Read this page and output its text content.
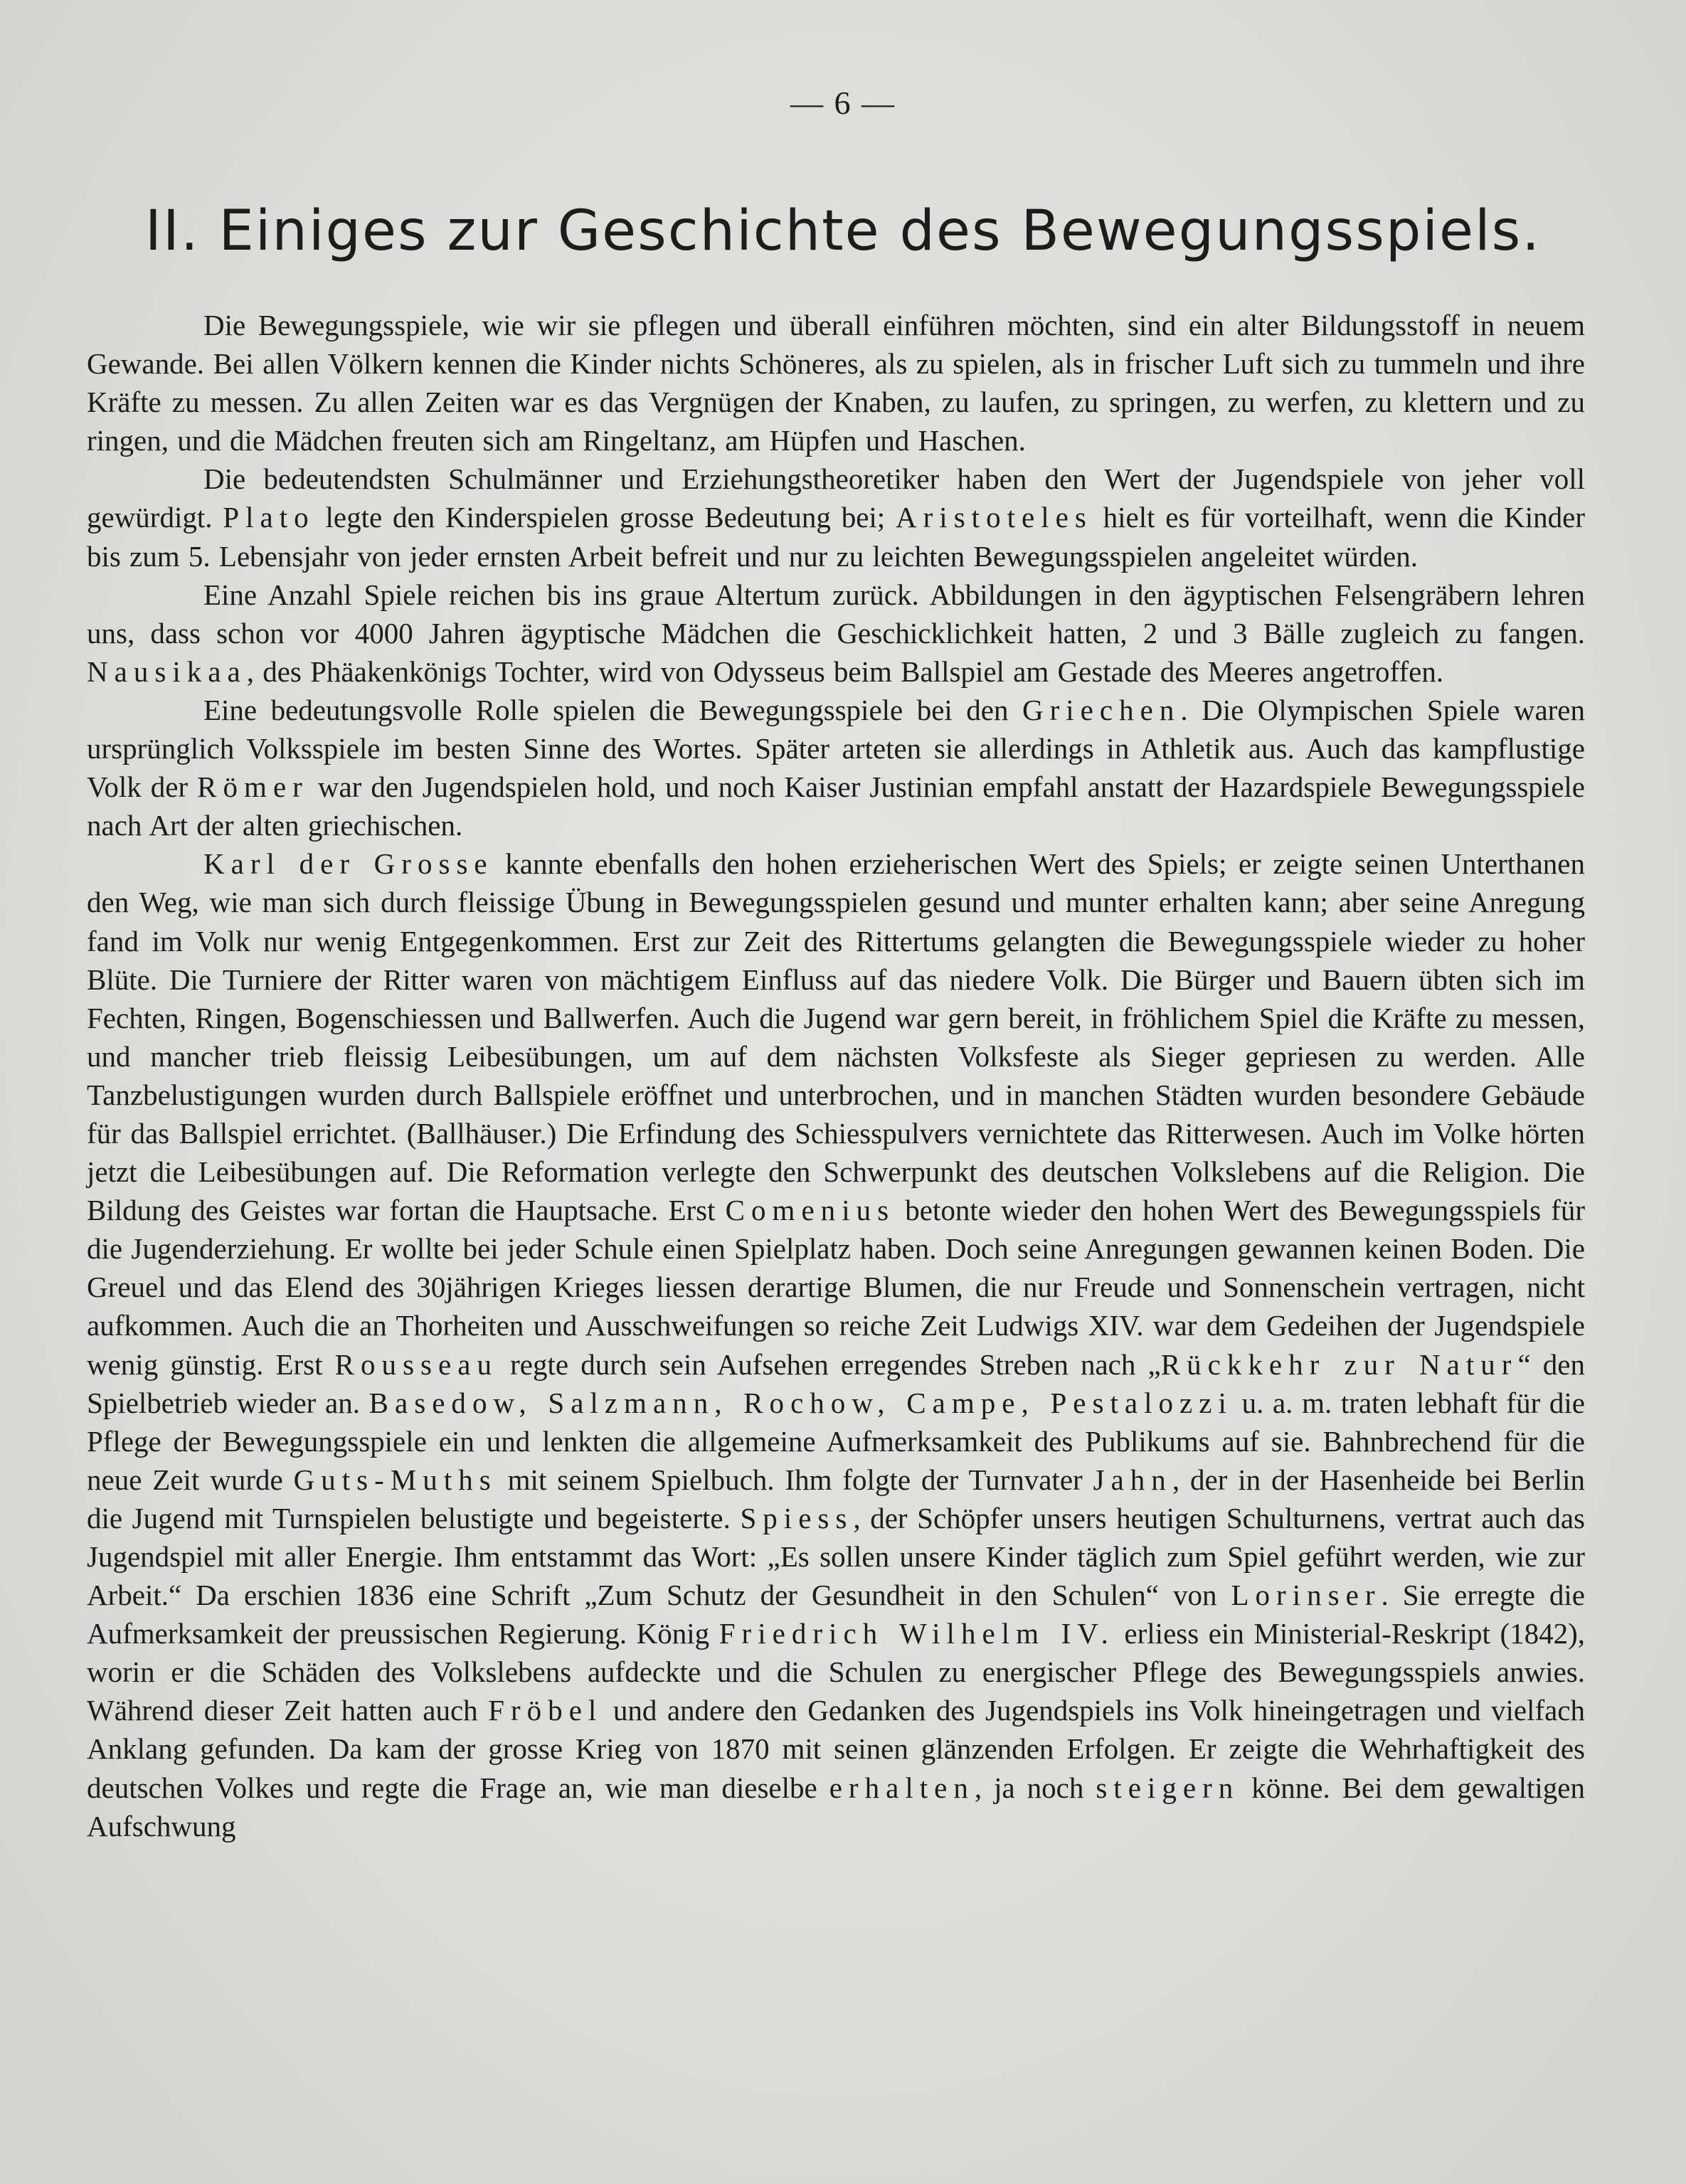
— 6 —
II. Einiges zur Geschichte des Bewegungsspiels.

Die Bewegungsspiele, wie wir sie pflegen und überall einführen möchten, sind ein alter Bildungsstoff in neuem Gewande. Bei allen Völkern kennen die Kinder nichts Schöneres, als zu spielen, als in frischer Luft sich zu tummeln und ihre Kräfte zu messen. Zu allen Zeiten war es das Vergnügen der Knaben, zu laufen, zu springen, zu werfen, zu klettern und zu ringen, und die Mädchen freuten sich am Ringeltanz, am Hüpfen und Haschen.

Die bedeutendsten Schulmänner und Erziehungstheoretiker haben den Wert der Jugendspiele von jeher voll gewürdigt. Plato legte den Kinderspielen grosse Bedeutung bei; Aristoteles hielt es für vorteilhaft, wenn die Kinder bis zum 5. Lebensjahr von jeder ernsten Arbeit befreit und nur zu leichten Bewegungsspielen angeleitet würden.

Eine Anzahl Spiele reichen bis ins graue Altertum zurück. Abbildungen in den ägyptischen Felsengräbern lehren uns, dass schon vor 4000 Jahren ägyptische Mädchen die Geschicklichkeit hatten, 2 und 3 Bälle zugleich zu fangen. Nausikaa, des Phäakenkönigs Tochter, wird von Odysseus beim Ballspiel am Gestade des Meeres angetroffen.

Eine bedeutungsvolle Rolle spielen die Bewegungsspiele bei den Griechen. Die Olympischen Spiele waren ursprünglich Volksspiele im besten Sinne des Wortes. Später arteten sie allerdings in Athletik aus. Auch das kampflustige Volk der Römer war den Jugendspielen hold, und noch Kaiser Justinian empfahl anstatt der Hazardspiele Bewegungsspiele nach Art der alten griechischen.

Karl der Grosse kannte ebenfalls den hohen erzieherischen Wert des Spiels; er zeigte seinen Unterthanen den Weg, wie man sich durch fleissige Übung in Bewegungsspielen gesund und munter erhalten kann; aber seine Anregung fand im Volk nur wenig Entgegenkommen. Erst zur Zeit des Rittertums gelangten die Bewegungsspiele wieder zu hoher Blüte. Die Turniere der Ritter waren von mächtigem Einfluss auf das niedere Volk. Die Bürger und Bauern übten sich im Fechten, Ringen, Bogenschiessen und Ballwerfen. Auch die Jugend war gern bereit, in fröhlichem Spiel die Kräfte zu messen, und mancher trieb fleissig Leibesübungen, um auf dem nächsten Volksfeste als Sieger gepriesen zu werden. Alle Tanzbelustigungen wurden durch Ballspiele eröffnet und unterbrochen, und in manchen Städten wurden besondere Gebäude für das Ballspiel errichtet. (Ballhäuser.) Die Erfindung des Schiesspulvers vernichtete das Ritterwesen. Auch im Volke hörten jetzt die Leibesübungen auf. Die Reformation verlegte den Schwerpunkt des deutschen Volkslebens auf die Religion. Die Bildung des Geistes war fortan die Hauptsache. Erst Comenius betonte wieder den hohen Wert des Bewegungsspiels für die Jugenderziehung. Er wollte bei jeder Schule einen Spielplatz haben. Doch seine Anregungen gewannen keinen Boden. Die Greuel und das Elend des 30jährigen Krieges liessen derartige Blumen, die nur Freude und Sonnenschein vertragen, nicht aufkommen. Auch die an Thorheiten und Ausschweifungen so reiche Zeit Ludwigs XIV. war dem Gedeihen der Jugendspiele wenig günstig. Erst Rousseau regte durch sein Aufsehen erregendes Streben nach „Rückkehr zur Natur“ den Spielbetrieb wieder an. Basedow, Salzmann, Rochow, Campe, Pestalozzi u. a. m. traten lebhaft für die Pflege der Bewegungsspiele ein und lenkten die allgemeine Aufmerksamkeit des Publikums auf sie. Bahnbrechend für die neue Zeit wurde Guts-Muths mit seinem Spielbuch. Ihm folgte der Turnvater Jahn, der in der Hasenheide bei Berlin die Jugend mit Turnspielen belustigte und begeisterte. Spiess, der Schöpfer unsers heutigen Schulturnens, vertrat auch das Jugendspiel mit aller Energie. Ihm entstammt das Wort: „Es sollen unsere Kinder täglich zum Spiel geführt werden, wie zur Arbeit.“ Da erschien 1836 eine Schrift „Zum Schutz der Gesundheit in den Schulen“ von Lorinser. Sie erregte die Aufmerksamkeit der preussischen Regierung. König Friedrich Wilhelm IV. erliess ein Ministerial-Reskript (1842), worin er die Schäden des Volkslebens aufdeckte und die Schulen zu energischer Pflege des Bewegungsspiels anwies. Während dieser Zeit hatten auch Fröbel und andere den Gedanken des Jugendspiels ins Volk hineingetragen und vielfach Anklang gefunden. Da kam der grosse Krieg von 1870 mit seinen glänzenden Erfolgen. Er zeigte die Wehrhaftigkeit des deutschen Volkes und regte die Frage an, wie man dieselbe erhalten, ja noch steigern könne. Bei dem gewaltigen Aufschwung
